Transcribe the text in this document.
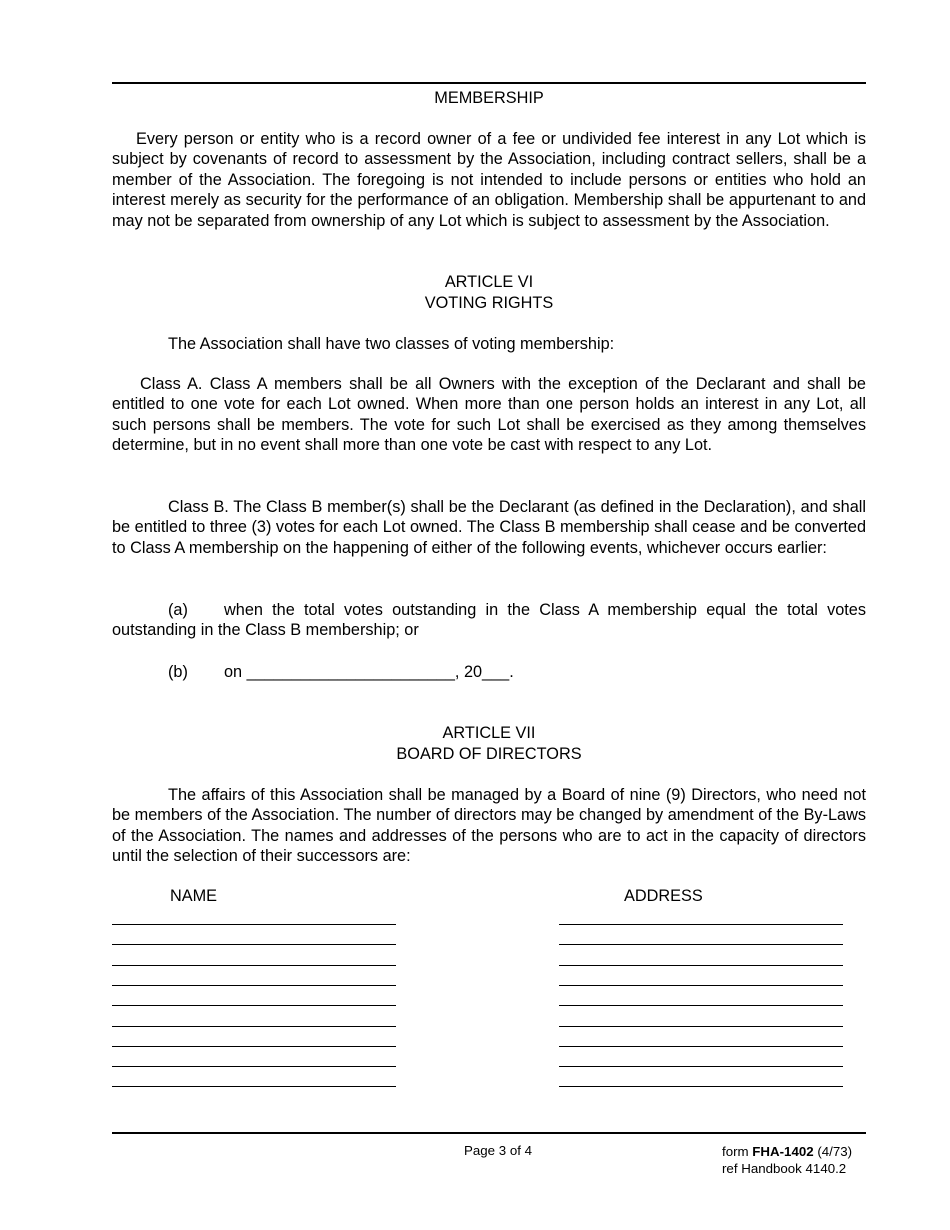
MEMBERSHIP
Every person or entity who is a record owner of a fee or undivided fee interest in any Lot which is subject by covenants of record to assessment by the Association, including contract sellers, shall be a member of the Association. The foregoing is not intended to include persons or entities who hold an interest merely as security for the performance of an obligation. Membership shall be appurtenant to and may not be separated from ownership of any Lot which is subject to assessment by the Association.
ARTICLE VI
VOTING RIGHTS
The Association shall have two classes of voting membership:
Class A. Class A members shall be all Owners with the exception of the Declarant and shall be entitled to one vote for each Lot owned. When more than one person holds an interest in any Lot, all such persons shall be members. The vote for such Lot shall be exercised as they among themselves determine, but in no event shall more than one vote be cast with respect to any Lot.
Class B. The Class B member(s) shall be the Declarant (as defined in the Declaration), and shall be entitled to three (3) votes for each Lot owned. The Class B membership shall cease and be converted to Class A membership on the happening of either of the following events, whichever occurs earlier:
(a) when the total votes outstanding in the Class A membership equal the total votes outstanding in the Class B membership; or
(b) on _______________________, 20___.
ARTICLE VII
BOARD OF DIRECTORS
The affairs of this Association shall be managed by a Board of nine (9) Directors, who need not be members of the Association. The number of directors may be changed by amendment of the By-Laws of the Association. The names and addresses of the persons who are to act in the capacity of directors until the selection of their successors are:
NAME	ADDRESS
Page 3 of 4	form FHA-1402 (4/73)
ref Handbook 4140.2
